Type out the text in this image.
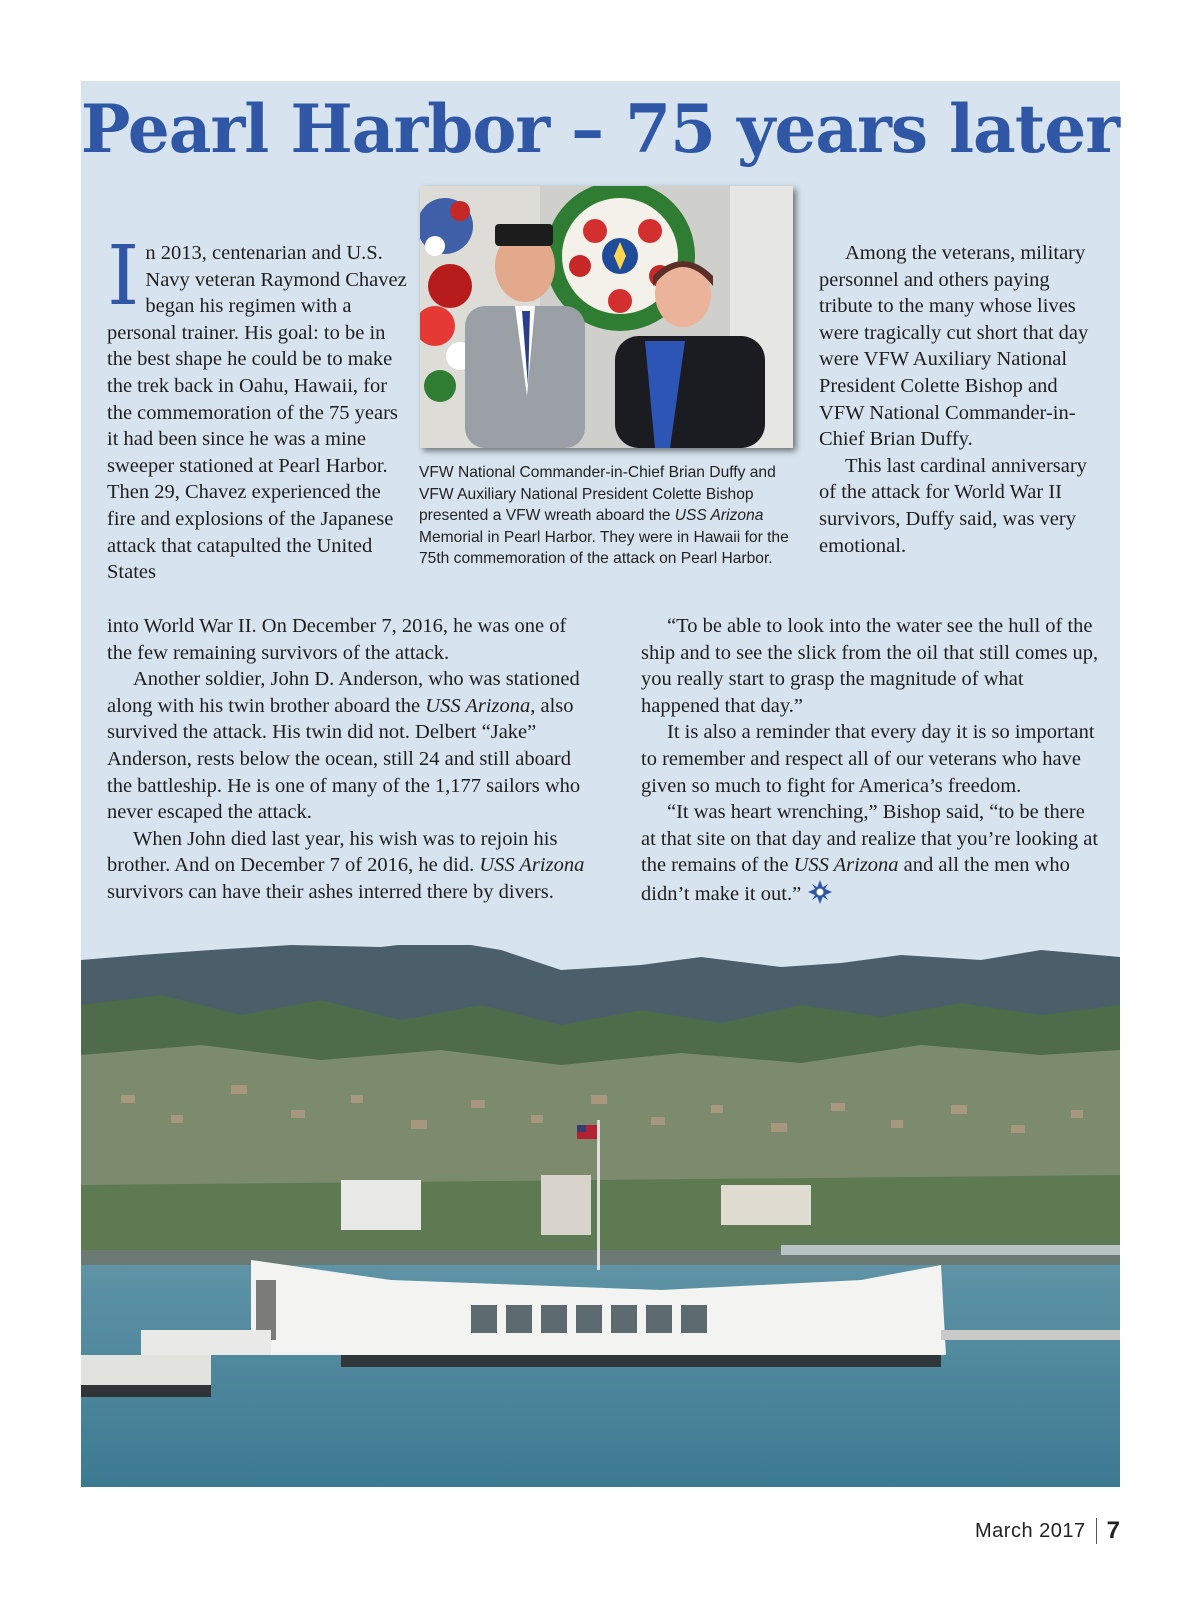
Pearl Harbor – 75 years later
VFW National Commander-in-Chief Brian Duffy and VFW Auxiliary National President Colette Bishop presented a VFW wreath aboard the USS Arizona Memorial in Pearl Harbor. They were in Hawaii for the 75th commemoration of the attack on Pearl Harbor.

In 2013, centenarian and U.S. Navy veteran Raymond Chavez began his regimen with a personal trainer. His goal: to be in the best shape he could be to make the trek back in Oahu, Hawaii, for the commemoration of the 75 years it had been since he was a mine sweeper stationed at Pearl Harbor. Then 29, Chavez experienced the fire and explosions of the Japanese attack that catapulted the United States

into World War II. On December 7, 2016, he was one of the few remaining survivors of the attack.

Another soldier, John D. Anderson, who was stationed along with his twin brother aboard the USS Arizona, also survived the attack. His twin did not. Delbert “Jake” Anderson, rests below the ocean, still 24 and still aboard the battleship. He is one of many of the 1,177 sailors who never escaped the attack.

When John died last year, his wish was to rejoin his brother. And on December 7 of 2016, he did. USS Arizona survivors can have their ashes interred there by divers.

Among the veterans, military personnel and others paying tribute to the many whose lives were tragically cut short that day were VFW Auxiliary National President Colette Bishop and VFW National Commander-in-Chief Brian Duffy.

This last cardinal anniversary of the attack for World War II survivors, Duffy said, was very emotional.

“To be able to look into the water see the hull of the ship and to see the slick from the oil that still comes up, you really start to grasp the magnitude of what happened that day.”

It is also a reminder that every day it is so important to remember and respect all of our veterans who have given so much to fight for America’s freedom.

“It was heart wrenching,” Bishop said, “to be there at that site on that day and realize that you’re looking at the remains of the USS Arizona and all the men who didn’t make it out.”

March 2017 7
